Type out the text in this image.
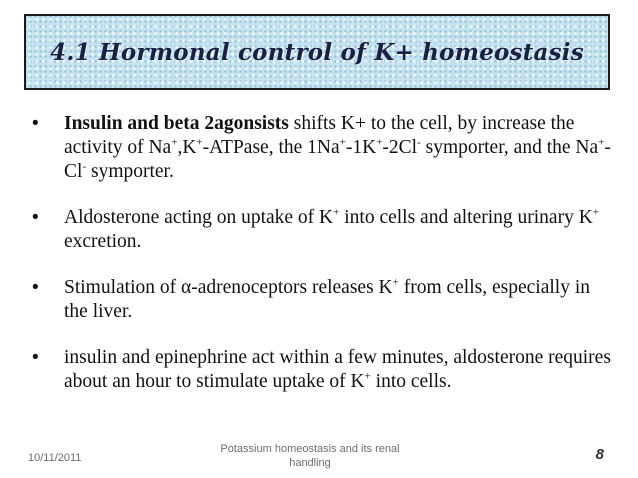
4.1 Hormonal control of K+ homeostasis
• Insulin and beta 2agonsists shifts K+ to the cell, by increase the activity of Na+,K+-ATPase, the 1Na+-1K+-2Cl- symporter, and the Na+-Cl- symporter.
• Aldosterone acting on uptake of K+ into cells and altering urinary K+ excretion.
• Stimulation of α-adrenoceptors releases K+ from cells, especially in the liver.
• insulin and epinephrine act within a few minutes, aldosterone requires about an hour to stimulate uptake of K+ into cells.
10/11/2011
Potassium homeostasis and its renal handling	8
